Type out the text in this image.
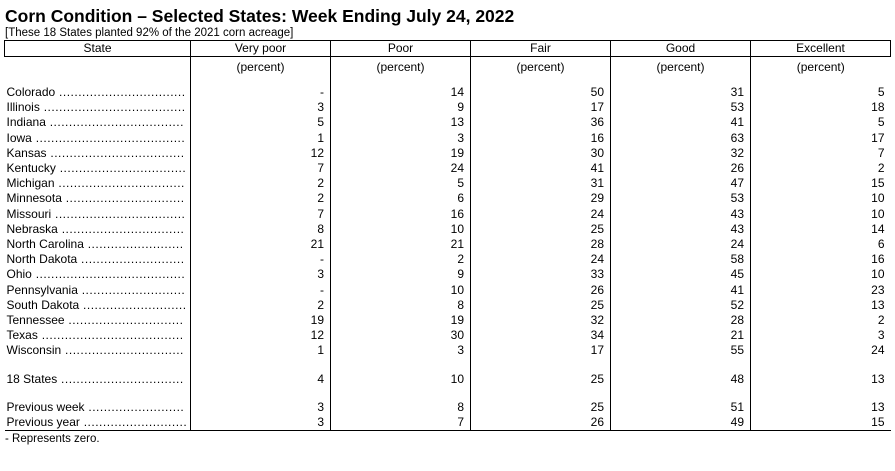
Corn Condition – Selected States: Week Ending July 24, 2022
[These 18 States planted 92% of the 2021 corn acreage]
State	Very poor	Poor	Fair	Good	Excellent
	(percent)	(percent)	(percent)	(percent)	(percent)

Colorado .................................	-	14	50	31	5
Illinois .....................................	3	9	17	53	18
Indiana ...................................	5	13	36	41	5
Iowa .......................................	1	3	16	63	17
Kansas ...................................	12	19	30	32	7
Kentucky .................................	7	24	41	26	2
Michigan .................................	2	5	31	47	15
Minnesota ...............................	2	6	29	53	10
Missouri ..................................	7	16	24	43	10
Nebraska ................................	8	10	25	43	14
North Carolina .........................	21	21	28	24	6
North Dakota ...........................	-	2	24	58	16
Ohio .......................................	3	9	33	45	10
Pennsylvania ...........................	-	10	26	41	23
South Dakota ...........................	2	8	25	52	13
Tennessee ..............................	19	19	32	28	2
Texas .....................................	12	30	34	21	3
Wisconsin ...............................	1	3	17	55	24

18 States ................................	4	10	25	48	13

Previous week .........................	3	8	25	51	13
Previous year ...........................	3	7	26	49	15
- Represents zero.
